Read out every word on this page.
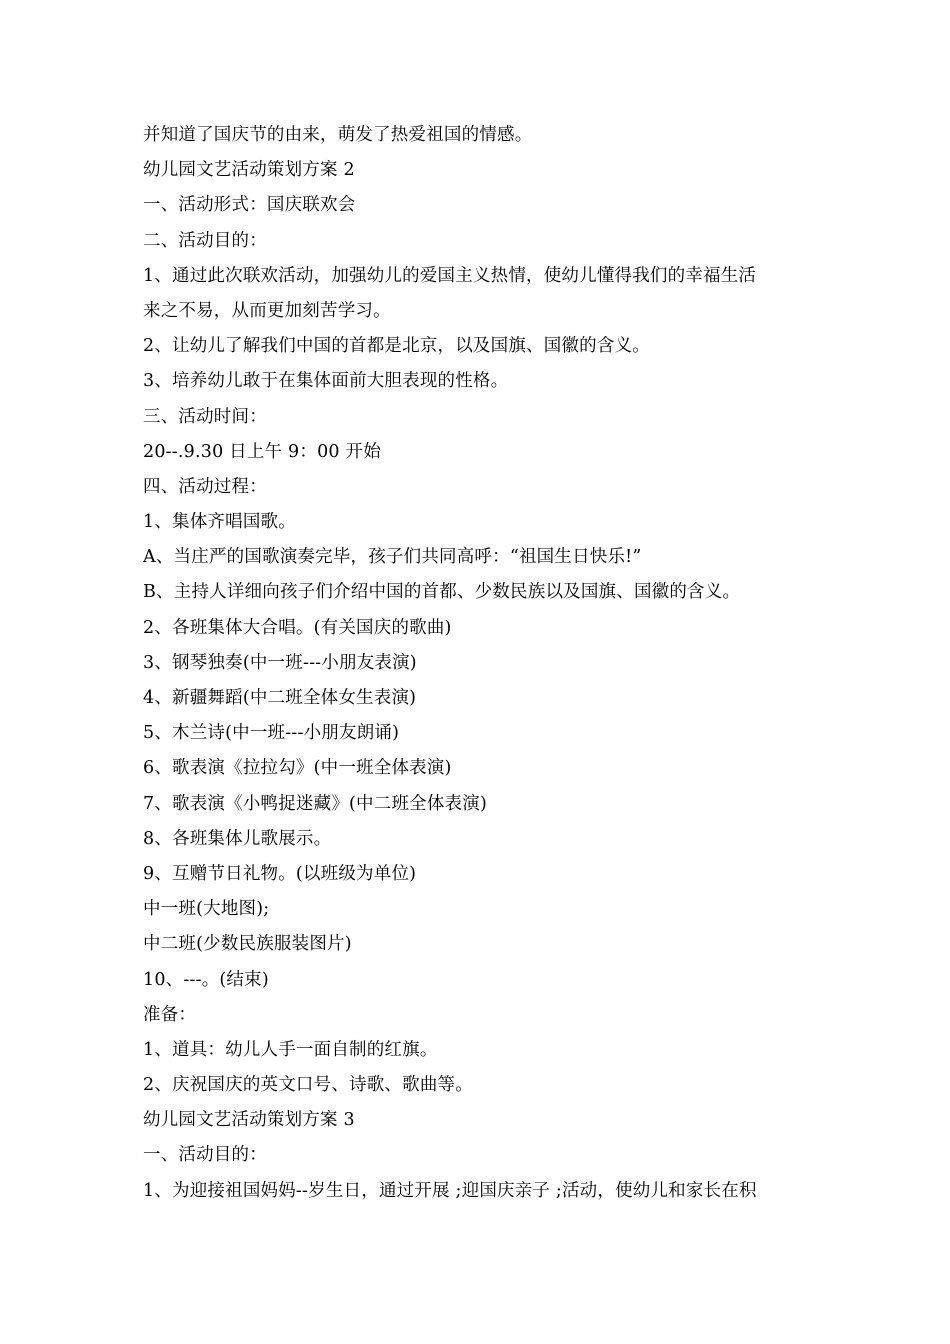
并知道了国庆节的由来，萌发了热爱祖国的情感。
幼儿园文艺活动策划方案 2
一、活动形式：国庆联欢会
二、活动目的：
1、通过此次联欢活动，加强幼儿的爱国主义热情，使幼儿懂得我们的幸福生活
来之不易，从而更加刻苦学习。
2、让幼儿了解我们中国的首都是北京，以及国旗、国徽的含义。
3、培养幼儿敢于在集体面前大胆表现的性格。
三、活动时间：
20--.9.30 日上午 9：00 开始
四、活动过程：
1、集体齐唱国歌。
A、当庄严的国歌演奏完毕，孩子们共同高呼：“祖国生日快乐!”
B、主持人详细向孩子们介绍中国的首都、少数民族以及国旗、国徽的含义。
2、各班集体大合唱。(有关国庆的歌曲)
3、钢琴独奏(中一班---小朋友表演)
4、新疆舞蹈(中二班全体女生表演)
5、木兰诗(中一班---小朋友朗诵)
6、歌表演《拉拉勾》(中一班全体表演)
7、歌表演《小鸭捉迷藏》(中二班全体表演)
8、各班集体儿歌展示。
9、互赠节日礼物。(以班级为单位)
中一班(大地图);
中二班(少数民族服装图片)
10、---。(结束)
准备：
1、道具：幼儿人手一面自制的红旗。
2、庆祝国庆的英文口号、诗歌、歌曲等。
幼儿园文艺活动策划方案 3
一、活动目的：
1、为迎接祖国妈妈--岁生日，通过开展 ;迎国庆亲子 ;活动，使幼儿和家长在积
